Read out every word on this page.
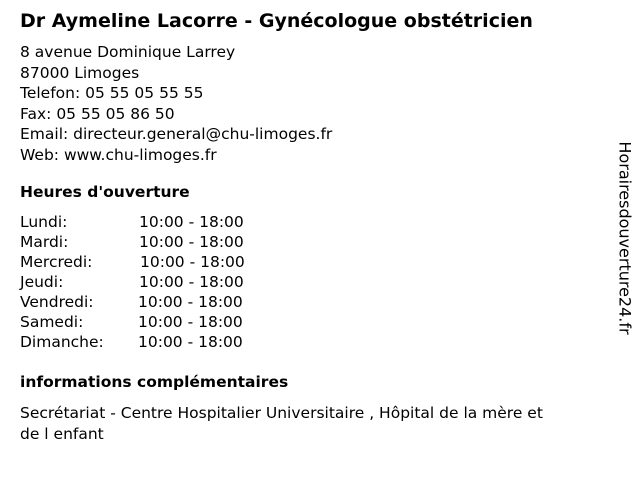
Dr Aymeline Lacorre - Gynécologue obstétricien
8 avenue Dominique Larrey
87000 Limoges
Telefon: 05 55 05 55 55
Fax: 05 55 05 86 50
Email: directeur.general@chu-limoges.fr
Web: www.chu-limoges.fr
Heures d'ouverture
Lundi:	10:00 - 18:00
Mardi:	10:00 - 18:00
Mercredi:	10:00 - 18:00
Jeudi:	10:00 - 18:00
Vendredi:	10:00 - 18:00
Samedi:	10:00 - 18:00
Dimanche: 10:00 - 18:00
informations complémentaires
Secrétariat - Centre Hospitalier Universitaire , Hôpital de la mère et
de l enfant
Horairesdouverture24.fr
